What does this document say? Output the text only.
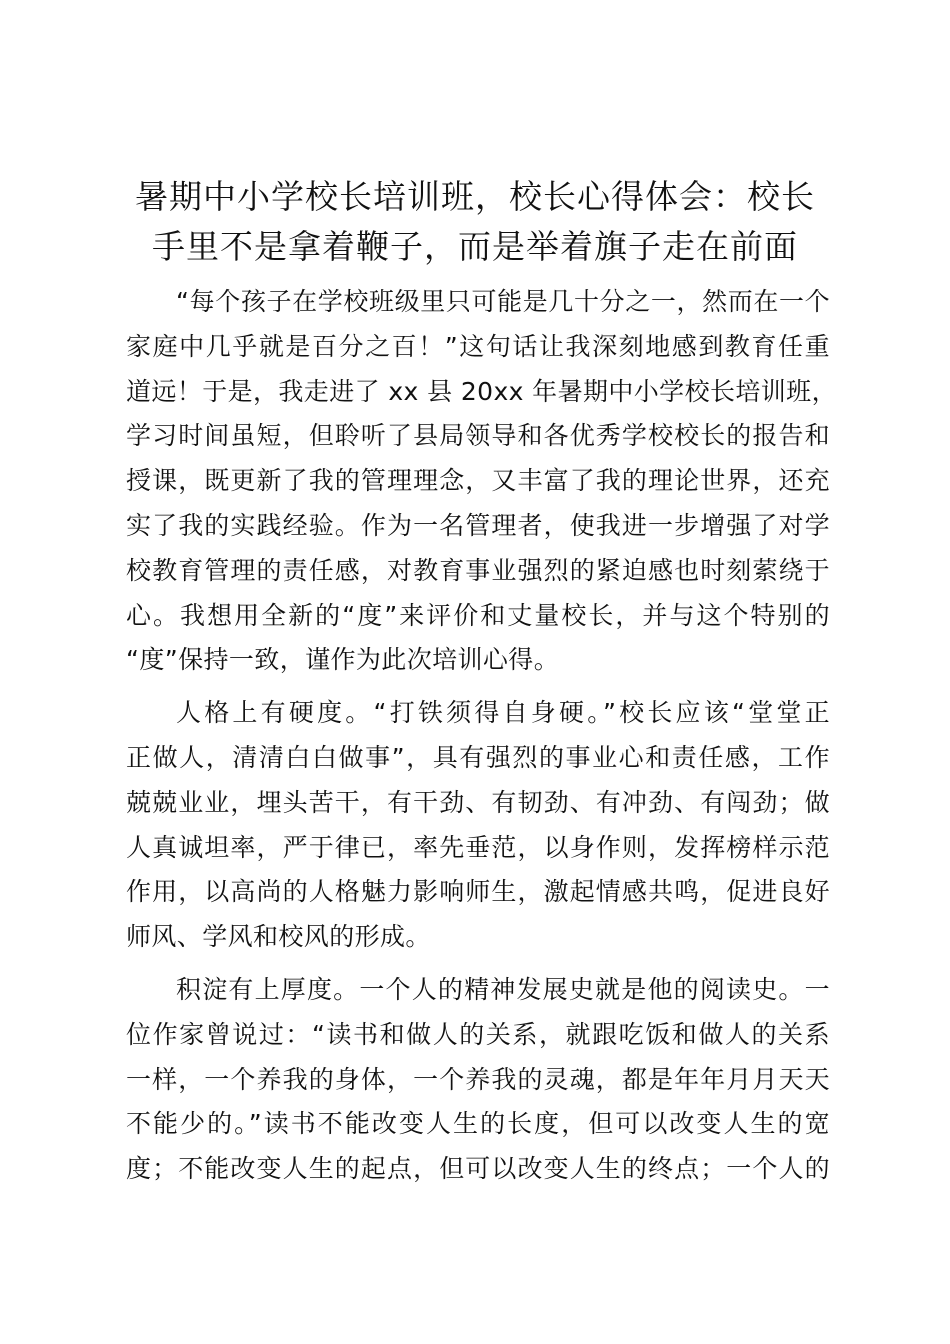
暑期中小学校长培训班，校长心得体会：校长
手里不是拿着鞭子，而是举着旗子走在前面
“每个孩子在学校班级里只可能是几十分之一，然而在一个
家庭中几乎就是百分之百！”这句话让我深刻地感到教育任重
道远！于是，我走进了 xx 县 20xx 年暑期中小学校长培训班，
学习时间虽短，但聆听了县局领导和各优秀学校校长的报告和
授课，既更新了我的管理理念，又丰富了我的理论世界，还充
实了我的实践经验。作为一名管理者，使我进一步增强了对学
校教育管理的责任感，对教育事业强烈的紧迫感也时刻萦绕于
心。我想用全新的“度”来评价和丈量校长，并与这个特别的
“度”保持一致，谨作为此次培训心得。
人格上有硬度。“打铁须得自身硬。”校长应该“堂堂正
正做人，清清白白做事”，具有强烈的事业心和责任感，工作
兢兢业业，埋头苦干，有干劲、有韧劲、有冲劲、有闯劲；做
人真诚坦率，严于律已，率先垂范，以身作则，发挥榜样示范
作用，以高尚的人格魅力影响师生，激起情感共鸣，促进良好
师风、学风和校风的形成。
积淀有上厚度。一个人的精神发展史就是他的阅读史。一
位作家曾说过：“读书和做人的关系，就跟吃饭和做人的关系
一样，一个养我的身体，一个养我的灵魂，都是年年月月天天
不能少的。”读书不能改变人生的长度，但可以改变人生的宽
度；不能改变人生的起点，但可以改变人生的终点；一个人的
